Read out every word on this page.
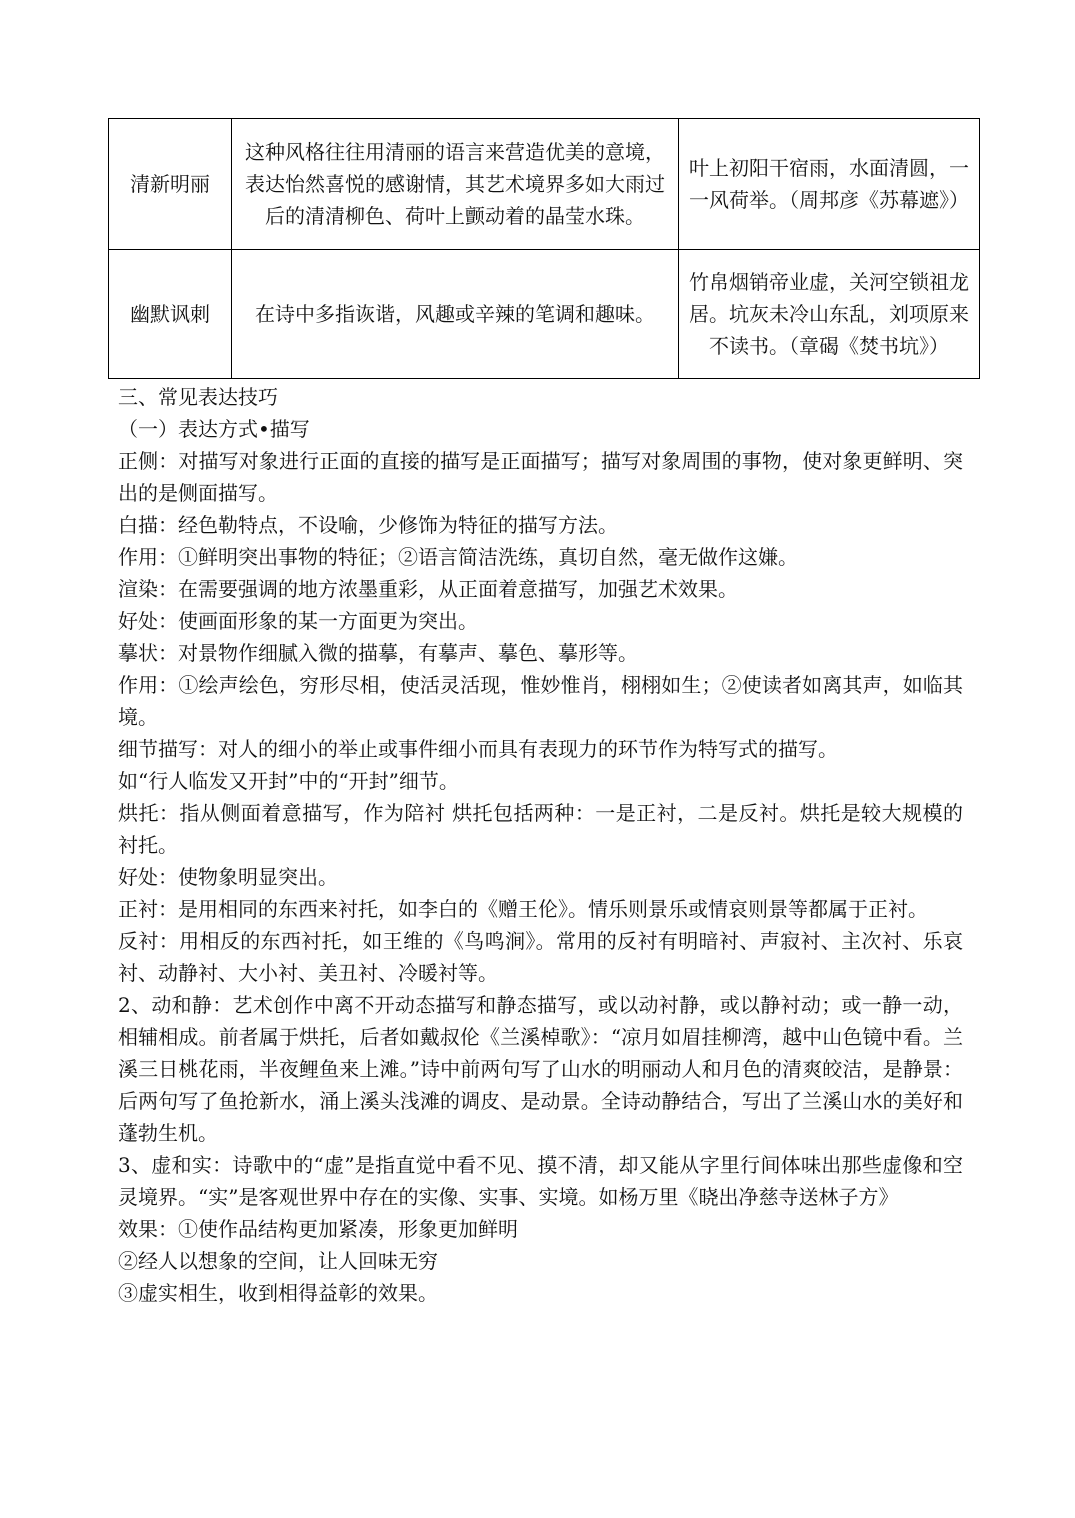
清新明丽	这种风格往往用清丽的语言来营造优美的意境，表达怡然喜悦的感谢情，其艺术境界多如大雨过后的清清柳色、荷叶上颤动着的晶莹水珠。	叶上初阳干宿雨，水面清圆，一一风荷举。（周邦彦《苏幕遮》）
幽默讽刺	在诗中多指诙谐，风趣或辛辣的笔调和趣味。	竹帛烟销帝业虚，关河空锁祖龙居。坑灰未冷山东乱，刘项原来不读书。（章碣《焚书坑》）

三、常见表达技巧

（一）表达方式•描写

正侧：对描写对象进行正面的直接的描写是正面描写；描写对象周围的事物，使对象更鲜明、突出的是侧面描写。

白描：经色勒特点，不设喻，少修饰为特征的描写方法。

作用：①鲜明突出事物的特征；②语言简洁洗练，真切自然，毫无做作这嫌。

渲染：在需要强调的地方浓墨重彩，从正面着意描写，加强艺术效果。

好处：使画面形象的某一方面更为突出。

摹状：对景物作细腻入微的描摹，有摹声、摹色、摹形等。

作用：①绘声绘色，穷形尽相，使活灵活现，惟妙惟肖，栩栩如生；②使读者如离其声，如临其境。

细节描写：对人的细小的举止或事件细小而具有表现力的环节作为特写式的描写。

如“行人临发又开封”中的“开封”细节。

烘托：指从侧面着意描写，作为陪衬 烘托包括两种：一是正衬，二是反衬。烘托是较大规模的衬托。

好处：使物象明显突出。

正衬：是用相同的东西来衬托，如李白的《赠王伦》。情乐则景乐或情哀则景等都属于正衬。

反衬：用相反的东西衬托，如王维的《鸟鸣涧》。常用的反衬有明暗衬、声寂衬、主次衬、乐哀衬、动静衬、大小衬、美丑衬、冷暖衬等。

2、动和静：艺术创作中离不开动态描写和静态描写，或以动衬静，或以静衬动；或一静一动，相辅相成。前者属于烘托，后者如戴叔伦《兰溪棹歌》：“凉月如眉挂柳湾，越中山色镜中看。兰溪三日桃花雨，半夜鲤鱼来上滩。”诗中前两句写了山水的明丽动人和月色的清爽皎洁，是静景：后两句写了鱼抢新水，涌上溪头浅滩的调皮、是动景。全诗动静结合，写出了兰溪山水的美好和蓬勃生机。

3、虚和实：诗歌中的“虚”是指直觉中看不见、摸不清，却又能从字里行间体味出那些虚像和空灵境界。“实”是客观世界中存在的实像、实事、实境。如杨万里《晓出净慈寺送林子方》

效果：①使作品结构更加紧凑，形象更加鲜明

②经人以想象的空间，让人回味无穷

③虚实相生，收到相得益彰的效果。
